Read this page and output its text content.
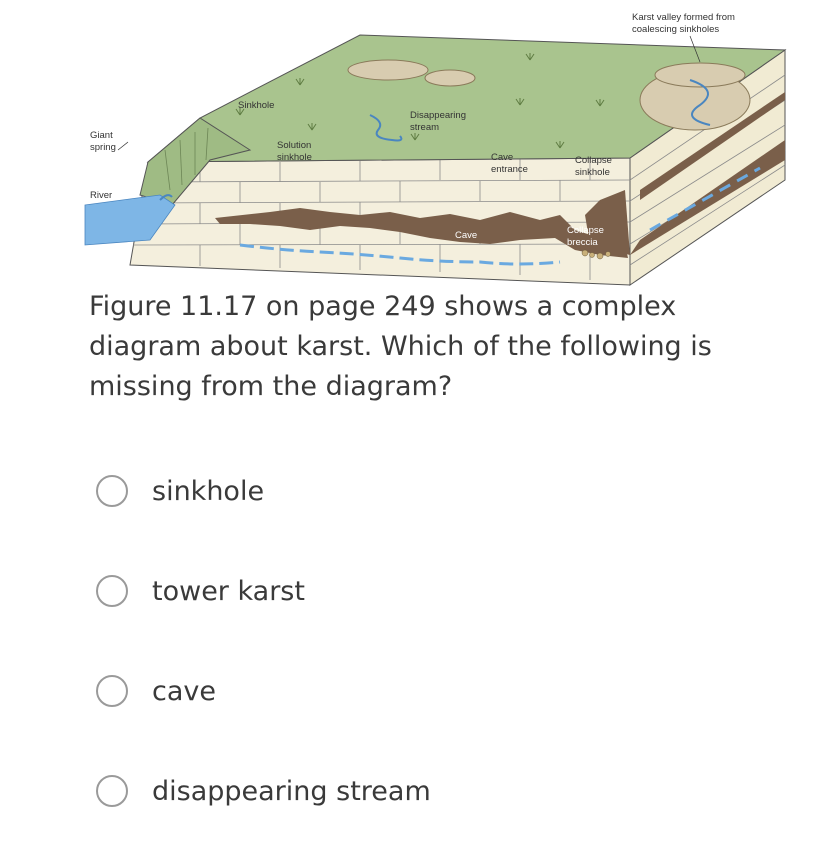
Karst valley formed from
coalescing sinkholes
Sinkhole
Disappearing
stream
Giant
spring	Solution
sinkhole	Cave
entrance
Collapse
sinkhole
River
Cave	Collapse
breccia

Figure 11.17 on page 249 shows a complex diagram about karst. Which of the following is missing from the diagram?

sinkhole
tower karst
cave
disappearing stream
